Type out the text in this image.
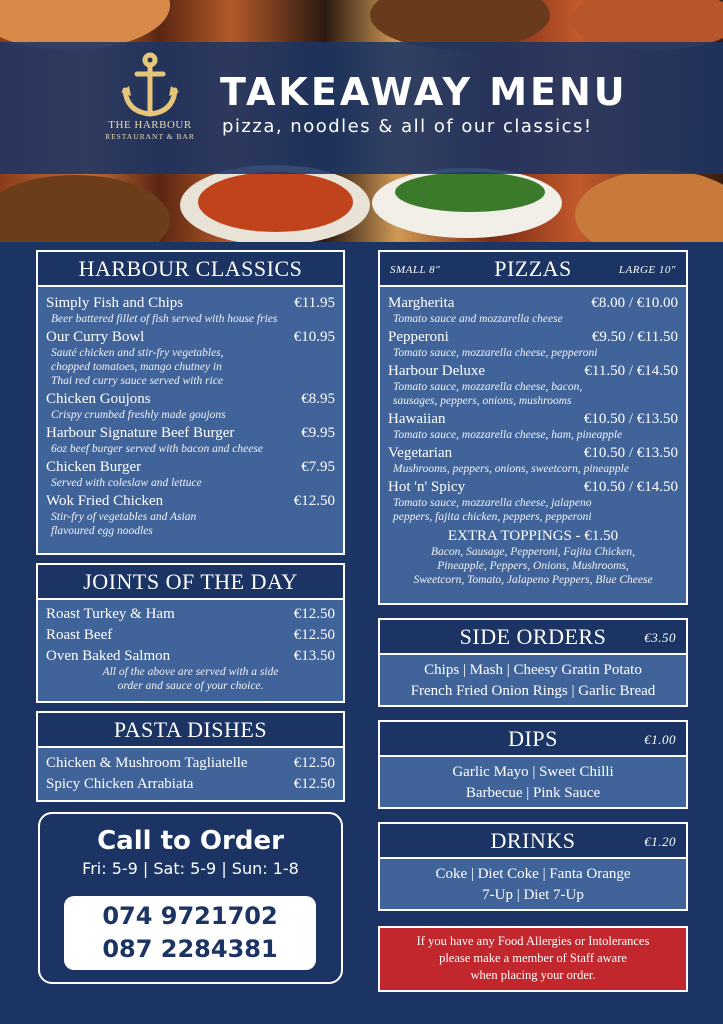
THE HARBOUR
RESTAURANT & BAR
TAKEAWAY MENU
pizza, noodles & all of our classics!
HARBOUR CLASSICS
Simply Fish and Chips	€11.95
Beer battered fillet of fish served with house fries
Our Curry Bowl	€10.95
Sauté chicken and stir-fry vegetables,
chopped tomatoes, mango chutney in
Thai red curry sauce served with rice
Chicken Goujons	€8.95
Crispy crumbed freshly made goujons
Harbour Signature Beef Burger	€9.95
6oz beef burger served with bacon and cheese
Chicken Burger	€7.95
Served with coleslaw and lettuce
Wok Fried Chicken	€12.50
Stir-fry of vegetables and Asian
flavoured egg noodles
JOINTS OF THE DAY
Roast Turkey & Ham	€12.50
Roast Beef	€12.50
Oven Baked Salmon	€13.50
All of the above are served with a side
order and sauce of your choice.
PASTA DISHES
Chicken & Mushroom Tagliatelle	€12.50
Spicy Chicken Arrabiata	€12.50
Call to Order
Fri: 5-9 | Sat: 5-9 | Sun: 1-8
074 9721702
087 2284381
SMALL 8" PIZZAS	LARGE 10"
Margherita	€8.00 / €10.00
Tomato sauce and mozzarella cheese
Pepperoni	€9.50 / €11.50
Tomato sauce, mozzarella cheese, pepperoni
Harbour Deluxe	€11.50 / €14.50
Tomato sauce, mozzarella cheese, bacon,
sausages, peppers, onions, mushrooms
Hawaiian	€10.50 / €13.50
Tomato sauce, mozzarella cheese, ham, pineapple
Vegetarian	€10.50 / €13.50
Mushrooms, peppers, onions, sweetcorn, pineapple
Hot 'n' Spicy	€10.50 / €14.50
Tomato sauce, mozzarella cheese, jalapeno
peppers, fajita chicken, peppers, pepperoni
EXTRA TOPPINGS - €1.50
Bacon, Sausage, Pepperoni, Fajita Chicken,
Pineapple, Peppers, Onions, Mushrooms,
Sweetcorn, Tomato, Jalapeno Peppers, Blue Cheese
SIDE ORDERS	€3.50
Chips | Mash | Cheesy Gratin Potato
French Fried Onion Rings | Garlic Bread
DIPS	€1.00
Garlic Mayo | Sweet Chilli
Barbecue | Pink Sauce
DRINKS	€1.20
Coke | Diet Coke | Fanta Orange
7-Up | Diet 7-Up
If you have any Food Allergies or Intolerances
please make a member of Staff aware
when placing your order.
